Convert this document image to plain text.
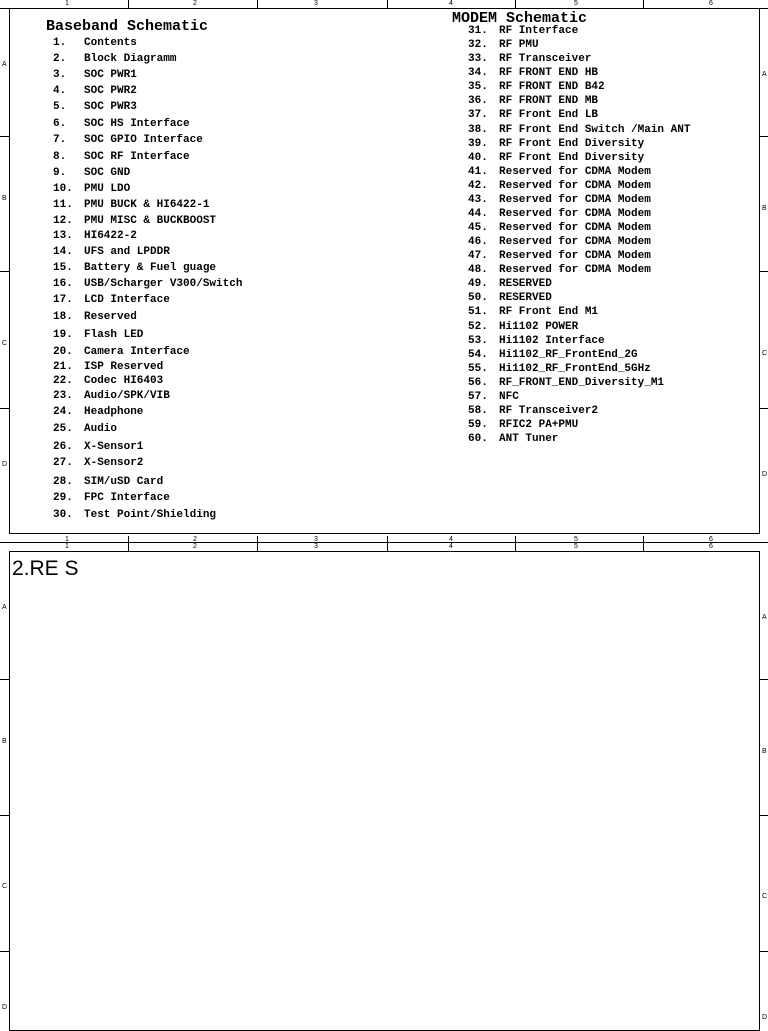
1	2	3	4	5	6
A
A
B
B
C
C
D
D
Baseband Schematic
1. Contents
2. Block Diagramm
3. SOC PWR1
4. SOC PWR2
5. SOC PWR3
6. SOC HS Interface
7. SOC GPIO Interface
8. SOC RF Interface
9. SOC GND
10. PMU LDO
11. PMU BUCK & HI6422-1
12. PMU MISC & BUCKBOOST
13. HI6422-2
14. UFS and LPDDR
15. Battery & Fuel guage
16. USB/Scharger V300/Switch
17. LCD Interface
18. Reserved
19. Flash LED
20. Camera Interface
21. ISP Reserved
22. Codec HI6403
23. Audio/SPK/VIB
24. Headphone
25. Audio
26. X-Sensor1
27. X-Sensor2
28. SIM/uSD Card
29. FPC Interface
30. Test Point/Shielding
MODEM Schematic
31. RF Interface
32. RF PMU
33. RF Transceiver
34. RF FRONT END HB
35. RF FRONT END B42
36. RF FRONT END MB
37. RF Front End LB
38. RF Front End Switch /Main ANT
39. RF Front End Diversity
40. RF Front End Diversity
41. Reserved for CDMA Modem
42. Reserved for CDMA Modem
43. Reserved for CDMA Modem
44. Reserved for CDMA Modem
45. Reserved for CDMA Modem
46. Reserved for CDMA Modem
47. Reserved for CDMA Modem
48. Reserved for CDMA Modem
49. RESERVED
50. RESERVED
51. RF Front End M1
52. Hi1102 POWER
53. Hi1102 Interface
54. Hi1102_RF_FrontEnd_2G
55. Hi1102_RF_FrontEnd_5GHz
56. RF_FRONT_END_Diversity_M1
57. NFC
58. RF Transceiver2
59. RFIC2 PA+PMU
60. ANT Tuner
1	2	3	4	5	6
A
A
B
B
C
C
D
D
1	2	3	4	5	6
2.RE S
